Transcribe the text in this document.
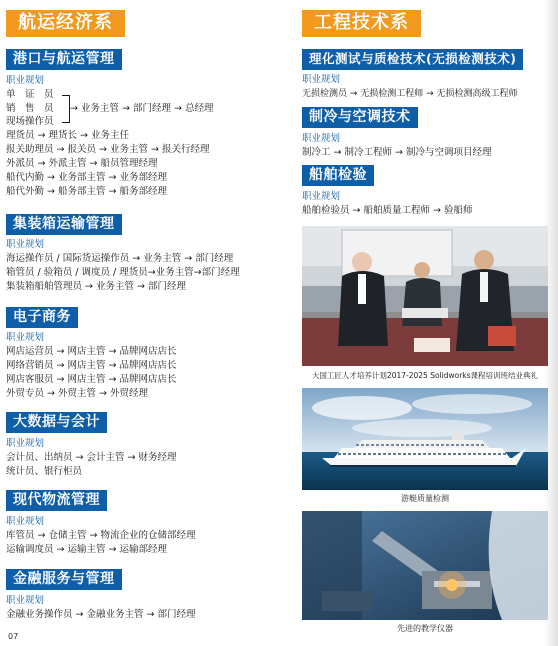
航运经济系
港口与航运管理
职业规划
单　证　员
销　售　员
现场操作员
→ 业务主管 → 部门经理 → 总经理
理货员 → 理货长 → 业务主任
报关助理员 → 报关员 → 业务主管 → 报关行经理
外派员 → 外派主管 → 船员管理经理
船代内勤 → 业务部主管 → 业务部经理
船代外勤 → 船务部主管 → 船务部经理
集装箱运输管理
职业规划
海运操作员 / 国际货运操作员 → 业务主管 → 部门经理
箱管员 / 验箱员 / 调度员 / 理货员→业务主管→部门经理
集装箱船舶管理员 → 业务主管 → 部门经理
电子商务
职业规划
网店运营员 → 网店主管 → 品牌网店店长
网络营销员 → 网店主管 → 品牌网店店长
网店客服员 → 网店主管 → 品牌网店店长
外贸专员 → 外贸主管 → 外贸经理
大数据与会计
职业规划
会计员、出纳员 → 会计主管 → 财务经理
统计员、银行柜员
现代物流管理
职业规划
库管员 → 仓储主管 → 物流企业的仓储部经理
运输调度员 → 运输主管 → 运输部经理
金融服务与管理
职业规划
金融业务操作员 → 金融业务主管 → 部门经理
07
工程技术系
理化测试与质检技术(无损检测技术)
职业规划
无损检测员 → 无损检测工程师 → 无损检测高级工程师
制冷与空调技术
职业规划
制冷工 → 制冷工程师 → 制冷与空调项目经理
船舶检验
职业规划
船舶检验员 → 船舶质量工程师 → 验船师
大国工匠人才培养计划2017-2025 Solidworks课程培训班结业典礼
游艇质量检测
先进的教学仪器
